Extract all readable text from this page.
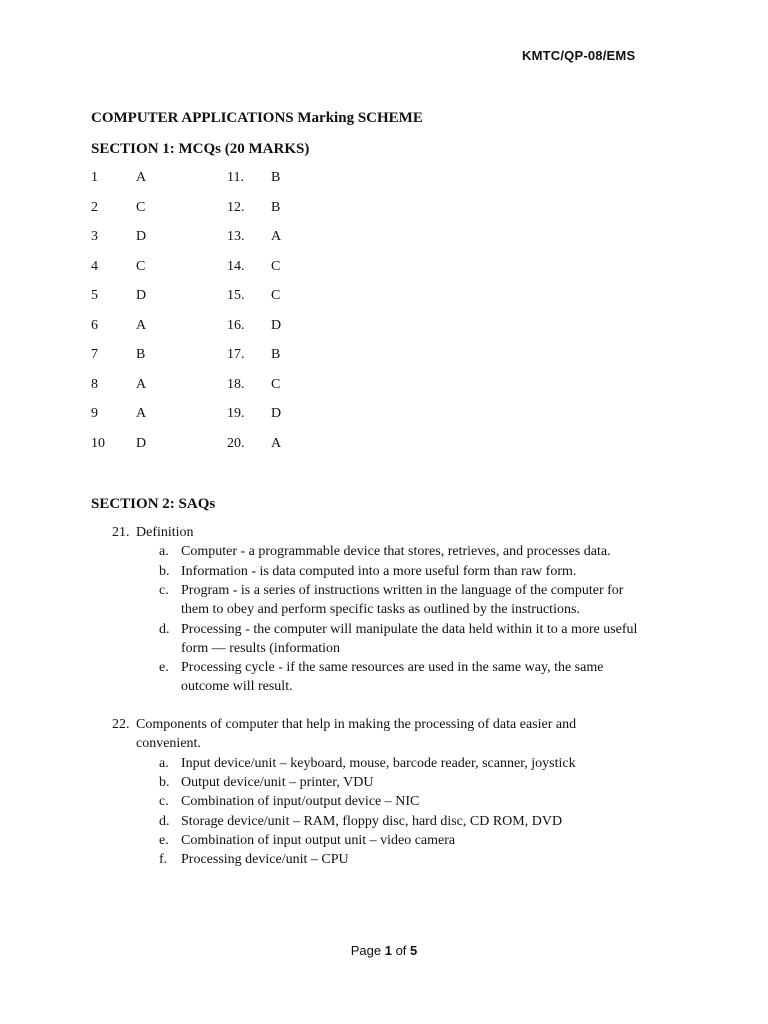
KMTC/QP-08/EMS
COMPUTER APPLICATIONS Marking SCHEME
SECTION 1: MCQs (20 MARKS)
1	A	11. B
2	C	12. B
3	D	13. A
4	C	14. C
5	D	15. C
6	A	16. D
7	B	17. B
8	A	18. C
9	A	19. D
10 D	20. A
SECTION 2: SAQs
21. Definition
a. Computer - a programmable device that stores, retrieves, and processes data.
b. Information - is data computed into a more useful form than raw form.
c. Program - is a series of instructions written in the language of the computer for
them to obey and perform specific tasks as outlined by the instructions.
d. Processing - the computer will manipulate the data held within it to a more useful
form — results (information
e. Processing cycle - if the same resources are used in the same way, the same
outcome will result.
22. Components of computer that help in making the processing of data easier and
convenient.
a. Input device/unit – keyboard, mouse, barcode reader, scanner, joystick
b. Output device/unit – printer, VDU
c. Combination of input/output device – NIC
d. Storage device/unit – RAM, floppy disc, hard disc, CD ROM, DVD
e. Combination of input output unit – video camera
f. Processing device/unit – CPU
Page 1 of 5
